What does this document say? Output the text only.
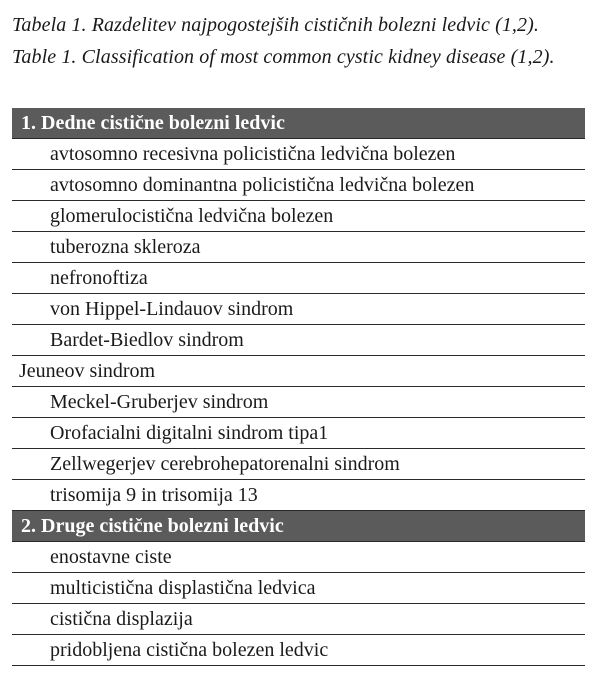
Tabela 1. Razdelitev najpogostejših cističnih bolezni ledvic (1,2).

Table 1. Classification of most common cystic kidney disease (1,2).

1. Dedne cistične bolezni ledvic
avtosomno recesivna policistična ledvična bolezen
avtosomno dominantna policistična ledvična bolezen
glomerulocistična ledvična bolezen
tuberozna skleroza
nefronoftiza
von Hippel-Lindauov sindrom
Bardet-Biedlov sindrom
Jeuneov sindrom
Meckel-Gruberjev sindrom
Orofacialni digitalni sindrom tipa1
Zellwegerjev cerebrohepatorenalni sindrom
trisomija 9 in trisomija 13
2. Druge cistične bolezni ledvic
enostavne ciste
multicistična displastična ledvica
cistična displazija
pridobljena cistična bolezen ledvic
